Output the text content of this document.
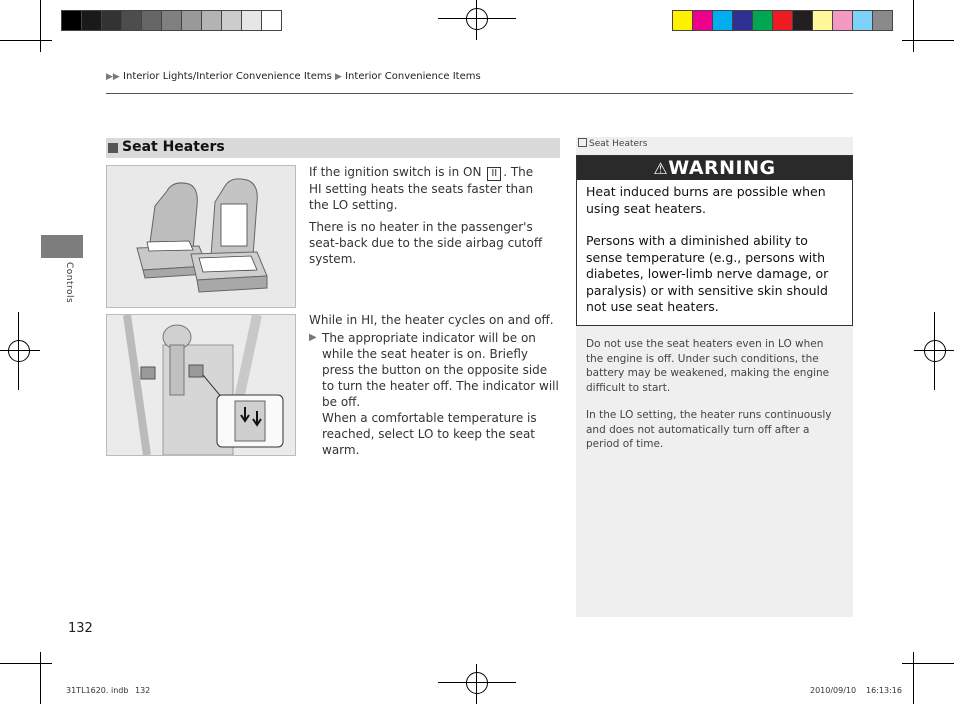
▶▶ Interior Lights/Interior Convenience Items ▶ Interior Convenience Items
Controls
Seat Heaters
If the ignition switch is in ON II . The HI setting heats the seats faster than the LO setting.
There is no heater in the passenger's seat-back due to the side airbag cutoff system.
While in HI, the heater cycles on and off.
▶ The appropriate indicator will be on while the seat heater is on. Briefly press the button on the opposite side to turn the heater off. The indicator will be off.
When a comfortable temperature is reached, select LO to keep the seat warm.
Seat Heaters
⚠WARNING
Heat induced burns are possible when using seat heaters.
Persons with a diminished ability to sense temperature (e.g., persons with diabetes, lower-limb nerve damage, or paralysis) or with sensitive skin should not use seat heaters.
Do not use the seat heaters even in LO when the engine is off. Under such conditions, the battery may be weakened, making the engine difficult to start.
In the LO setting, the heater runs continuously and does not automatically turn off after a period of time.
132
31TL1620. indb 132	2010/09/10 16:13:16
